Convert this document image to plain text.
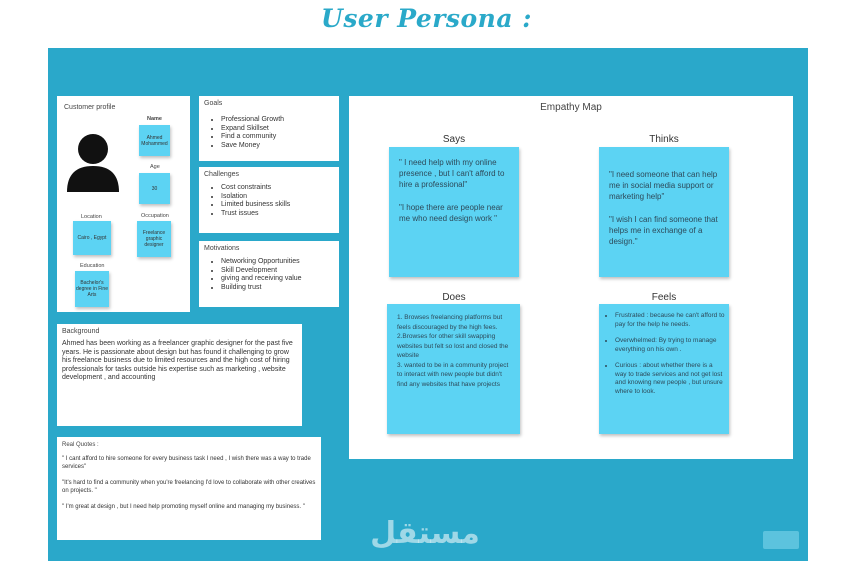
User Persona :
Customer profile
Name
Ahmed Mohammed
Age
30
Location
Cairo , Egypt
Occupation
Freelance graphic designer
Education
Bachelor's degree in Fine Arts
Goals
• Professional Growth
• Expand Skillset
• Find a community
• Save Money
Challenges
• Cost constraints
• Isolation
• Limited business skills
• Trust issues
Motivations
• Networking Opportunities
• Skill Development
• giving and receiving value
• Building trust
Background
Ahmed has been working as a freelancer graphic designer for the past five years. He is passionate about design but has found it challenging to grow his freelance business due to limited resources and the high cost of hiring professionals for tasks outside his expertise such as marketing , website development , and accounting
Real Quotes :
" I cant afford to hire someone for every business task I need , I wish there was a way to trade services"
"It's hard to find a community when you're freelancing I'd love to collaborate with other creatives on projects. "
" I'm great at design , but I need help promoting myself online and managing my business. "
Empathy Map
Says
" I need help with my online presence , but I can't afford to hire a professional"
"I hope there are people near me who need design work "
Thinks
"I need someone that can help me in social media support or marketing help"
"I wish I can find someone that helps me in exchange of a design."
Does
1. Browses freelancing platforms but feels discouraged by the high fees.
2.Browses for other skill swapping websites but felt so lost and closed the website
3. wanted to be in a community project to interact with new people but didn't find any websites that have projects
Feels
• Frustrated : because he can't afford to pay for the help he needs.
• Overwhelmed: By trying to manage everything on his own .
• Curious : about whether there is a way to trade services and not get lost and knowing new people , but unsure where to look.
مستقل
mostaqi.com
